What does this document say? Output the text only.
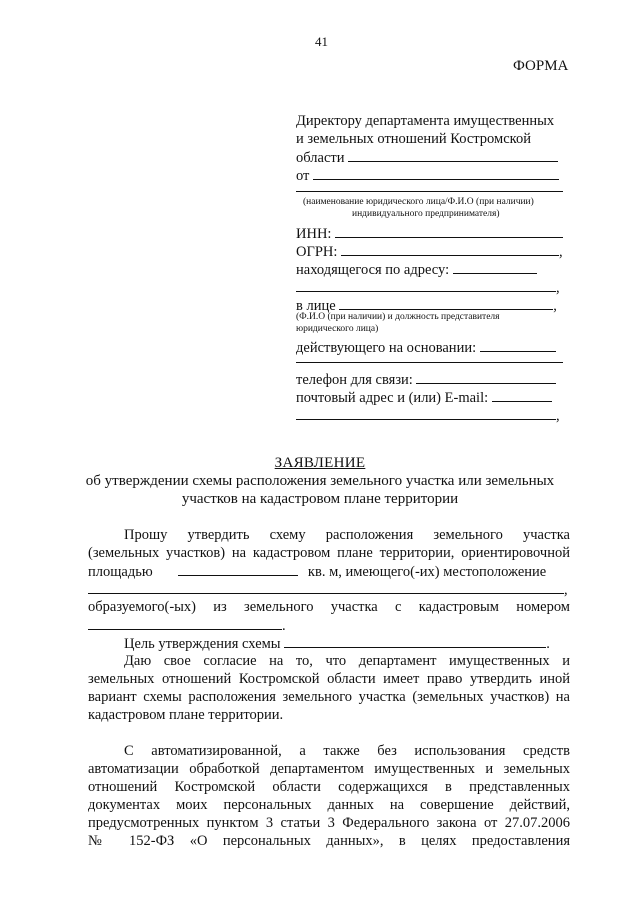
41
ФОРМА
Директору департамента имущественных
и земельных отношений Костромской
области
от
(наименование юридического лица/Ф.И.О (при наличии)
индивидуального предпринимателя)
ИНН:
ОГРН:	,
находящегося по адресу:
,
в лице	,
(Ф.И.О (при наличии) и должность представителя
юридического лица)
действующего на основании:
телефон для связи:
почтовый адрес и (или) E-mail:
,
ЗАЯВЛЕНИЕ
об утверждении схемы расположения земельного участка или земельных
участков на кадастровом плане территории
Прошу утвердить схему расположения земельного участка
(земельных участков) на кадастровом плане территории, ориентировочной
площадью	кв. м, имеющего(-их) местоположение
,
образуемого(-ых) из земельного участка с кадастровым номером
.
Цель утверждения схемы	.
Даю свое согласие на то, что департамент имущественных и
земельных отношений Костромской области имеет право утвердить иной
вариант схемы расположения земельного участка (земельных участков) на
кадастровом плане территории.
С автоматизированной, а также без использования средств
автоматизации обработкой департаментом имущественных и земельных
отношений Костромской области содержащихся в представленных
документах моих персональных данных на совершение действий,
предусмотренных пунктом 3 статьи 3 Федерального закона от 27.07.2006
№ 152-ФЗ «О персональных данных», в целях предоставления
